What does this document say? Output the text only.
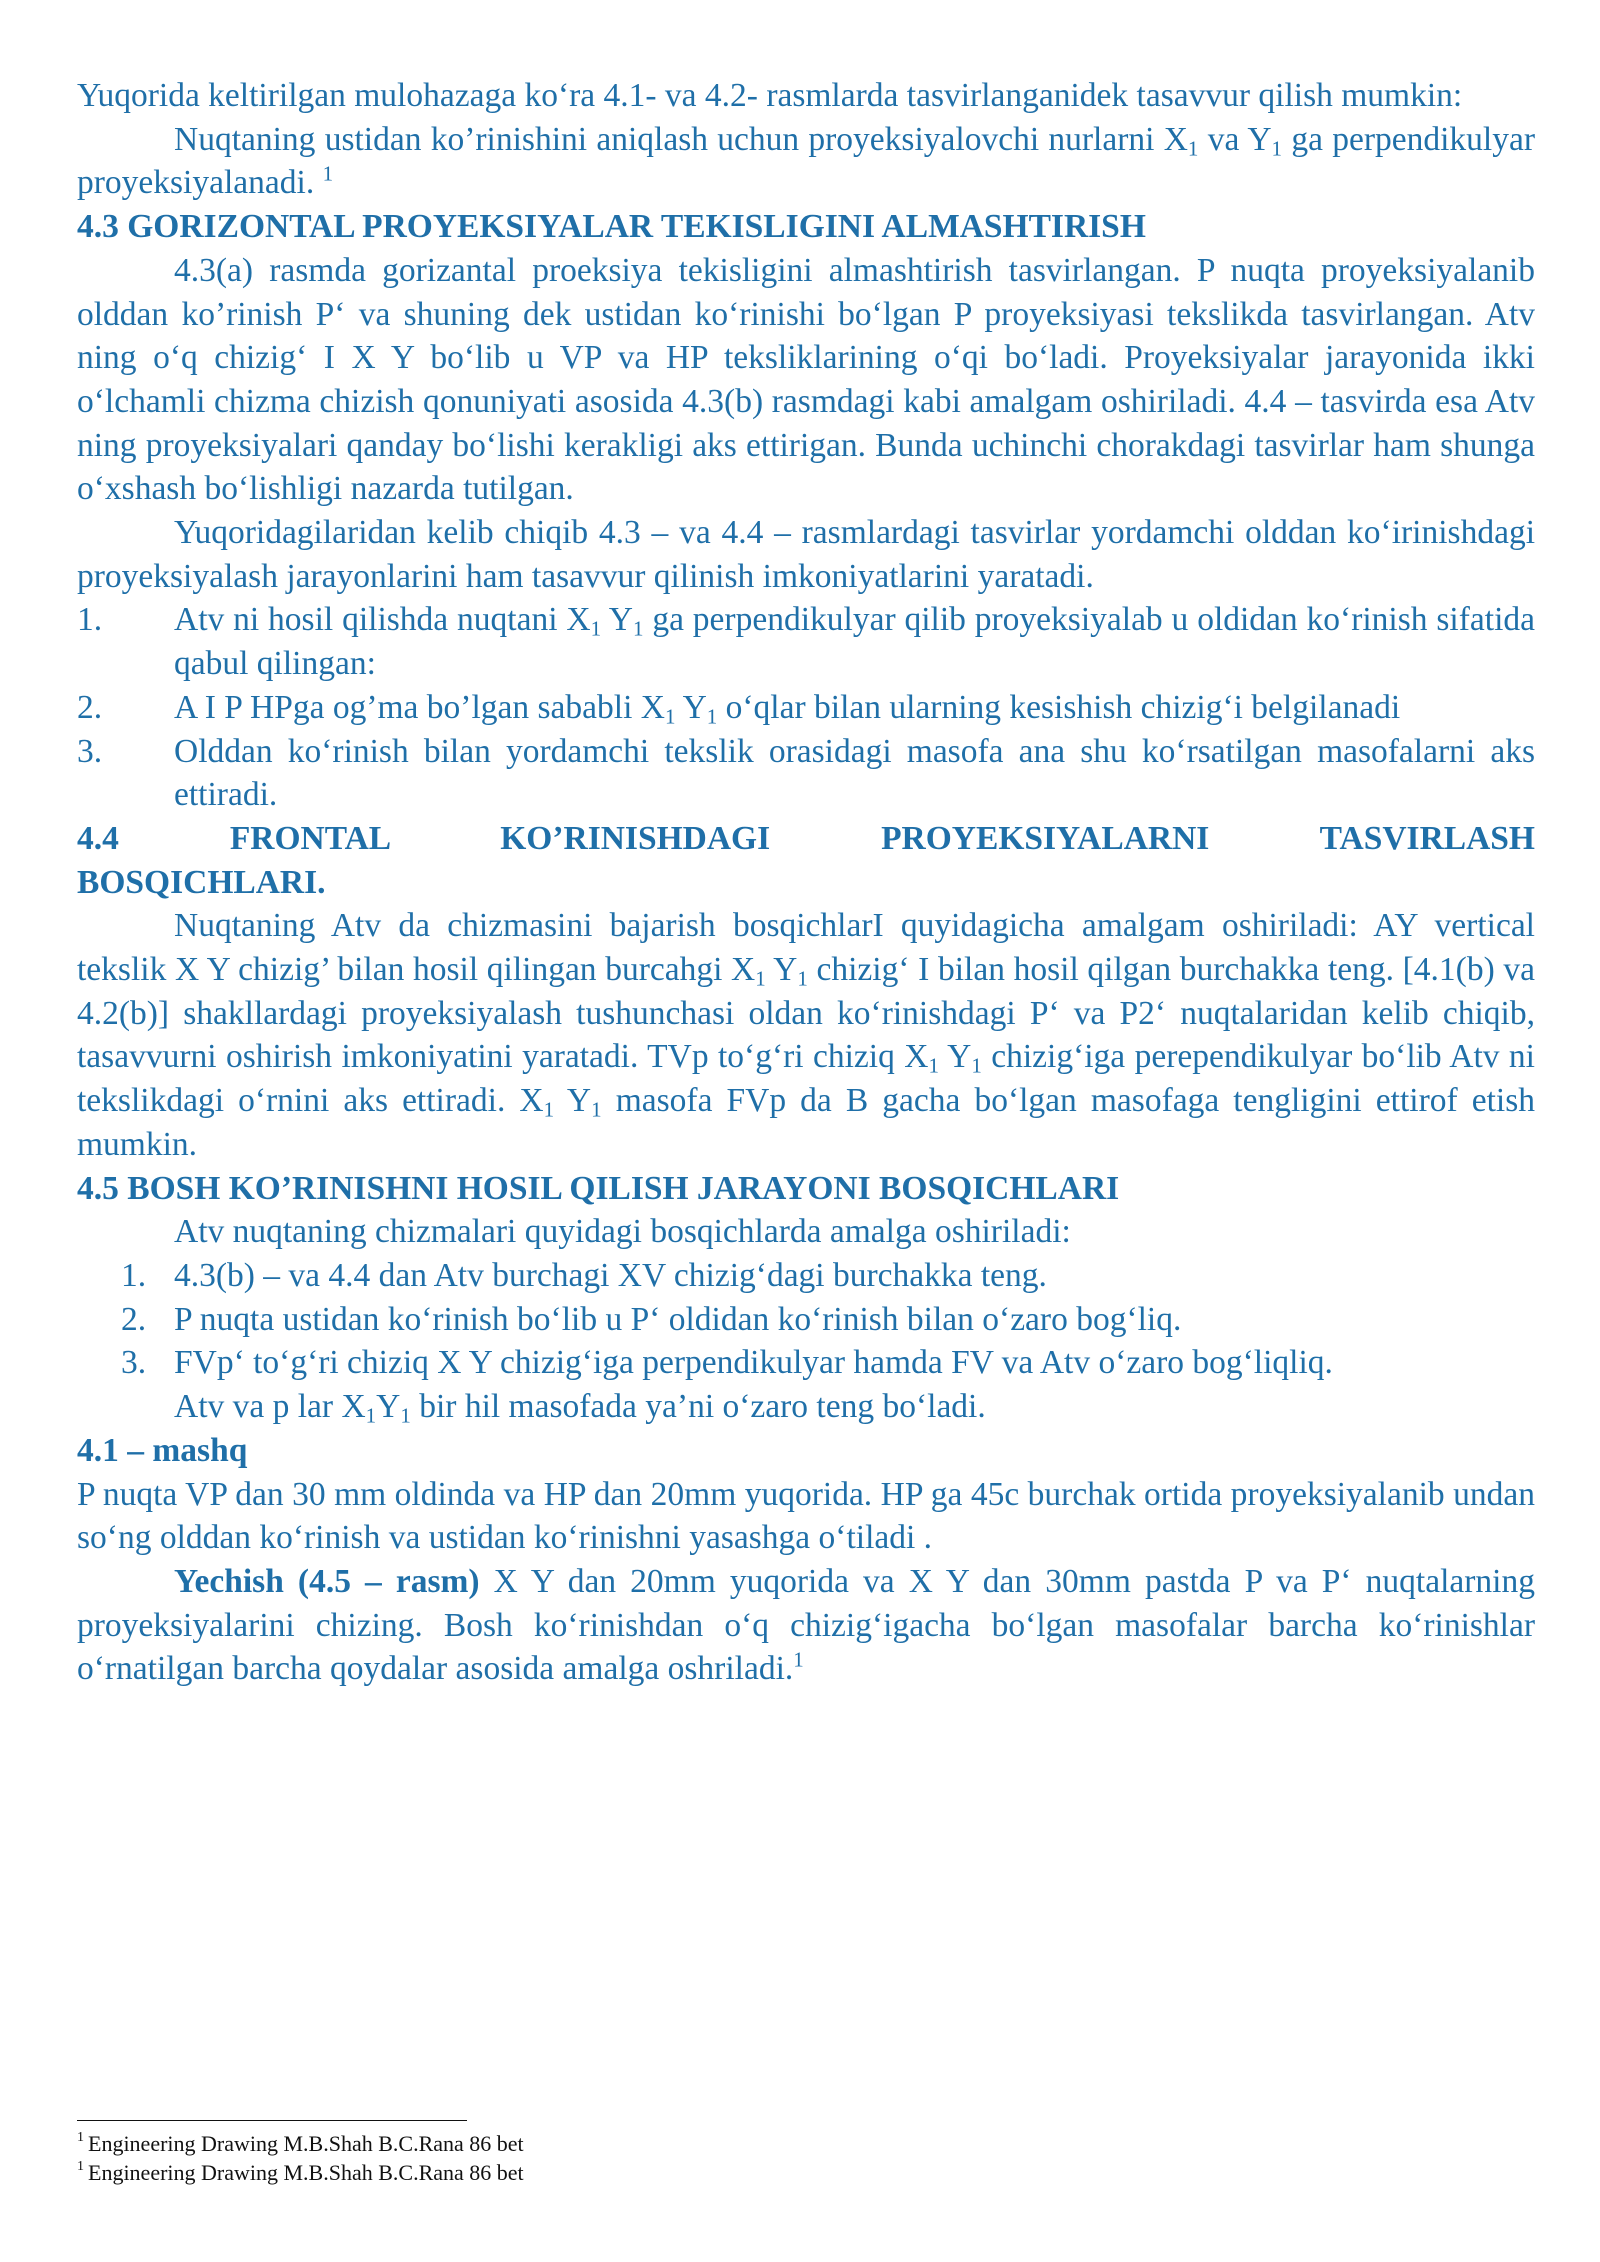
Yuqorida keltirilgan mulohazaga ko‘ra 4.1- va 4.2- rasmlarda tasvirlanganidek tasavvur qilish mumkin:

Nuqtaning ustidan ko’rinishini aniqlash uchun proyeksiyalovchi nurlarni $X_1$ va $Y_1$ ga perpendikulyar proyeksiyalanadi. $^1$

4.3 GORIZONTAL PROYEKSIYALAR TEKISLIGINI ALMASHTIRISH

4.3(a) rasmda gorizantal proeksiya tekisligini almashtirish tasvirlangan. P nuqta proyeksiyalanib olddan ko’rinish P‘ va shuning dek ustidan ko‘rinishi bo‘lgan P proyeksiyasi tekslikda tasvirlangan. Atv ning o‘q chizig‘ I X Y bo‘lib u VP va HP teksliklarining o‘qi bo‘ladi. Proyeksiyalar jarayonida ikki o‘lchamli chizma chizish qonuniyati asosida 4.3(b) rasmdagi kabi amalgam oshiriladi. 4.4 – tasvirda esa Atv ning proyeksiyalari qanday bo‘lishi kerakligi aks ettirigan. Bunda uchinchi chorakdagi tasvirlar ham shunga o‘xshash bo‘lishligi nazarda tutilgan.

Yuqoridagilaridan kelib chiqib 4.3 – va 4.4 – rasmlardagi tasvirlar yordamchi olddan ko‘irinishdagi proyeksiyalash jarayonlarini ham tasavvur qilinish imkoniyatlarini yaratadi.

1.	Atv ni hosil qilishda nuqtani $X_1$ $Y_1$ ga perpendikulyar qilib proyeksiyalab u oldidan ko‘rinish sifatida qabul qilingan:
2.	A I P HPga og’ma bo’lgan sababli $X_1$ $Y_1$ o‘qlar bilan ularning kesishish chizig‘i belgilanadi
3.	Olddan ko‘rinish bilan yordamchi tekslik orasidagi masofa ana shu ko‘rsatilgan masofalarni aks ettiradi.
4.4 FRONTAL KO’RINISHDAGI PROYEKSIYALARNI TASVIRLASH
BOSQICHLARI.

Nuqtaning Atv da chizmasini bajarish bosqichlarI quyidagicha amalgam oshiriladi: AY vertical tekslik X Y chizig’ bilan hosil qilingan burcahgi $X_1$ $Y_1$ chizig‘ I bilan hosil qilgan burchakka teng. [4.1(b) va 4.2(b)] shakllardagi proyeksiyalash tushunchasi oldan ko‘rinishdagi P‘ va P2‘ nuqtalaridan kelib chiqib, tasavvurni oshirish imkoniyatini yaratadi. TVp to‘g‘ri chiziq $X_1$ $Y_1$ chizig‘iga perependikulyar bo‘lib Atv ni tekslikdagi o‘rnini aks ettiradi. $X_1$ $Y_1$ masofa FVp da B gacha bo‘lgan masofaga tengligini ettirof etish mumkin.

4.5 BOSH KO’RINISHNI HOSIL QILISH JARAYONI BOSQICHLARI

Atv nuqtaning chizmalari quyidagi bosqichlarda amalga oshiriladi:

1. 4.3(b) – va 4.4 dan Atv burchagi XV chizig‘dagi burchakka teng.
2. P nuqta ustidan ko‘rinish bo‘lib u P‘ oldidan ko‘rinish bilan o‘zaro bog‘liq.
3. FVp‘ to‘g‘ri chiziq X Y chizig‘iga perpendikulyar hamda FV va Atv o‘zaro bog‘liqliq.

Atv va p lar $X_1Y_1$ bir hil masofada ya’ni o‘zaro teng bo‘ladi.

4.1 – mashq

P nuqta VP dan 30 mm oldinda va HP dan 20mm yuqorida. HP ga 45c burchak ortida proyeksiyalanib undan so‘ng olddan ko‘rinish va ustidan ko‘rinishni yasashga o‘tiladi .

Yechish (4.5 – rasm) X Y dan 20mm yuqorida va X Y dan 30mm pastda P va P‘ nuqtalarning proyeksiyalarini chizing. Bosh ko‘rinishdan o‘q chizig‘igacha bo‘lgan masofalar barcha ko‘rinishlar o‘rnatilgan barcha qoydalar asosida amalga oshriladi.$^1$

$^1$ Engineering Drawing M.B.Shah B.C.Rana 86 bet
$^1$ Engineering Drawing M.B.Shah B.C.Rana 86 bet
